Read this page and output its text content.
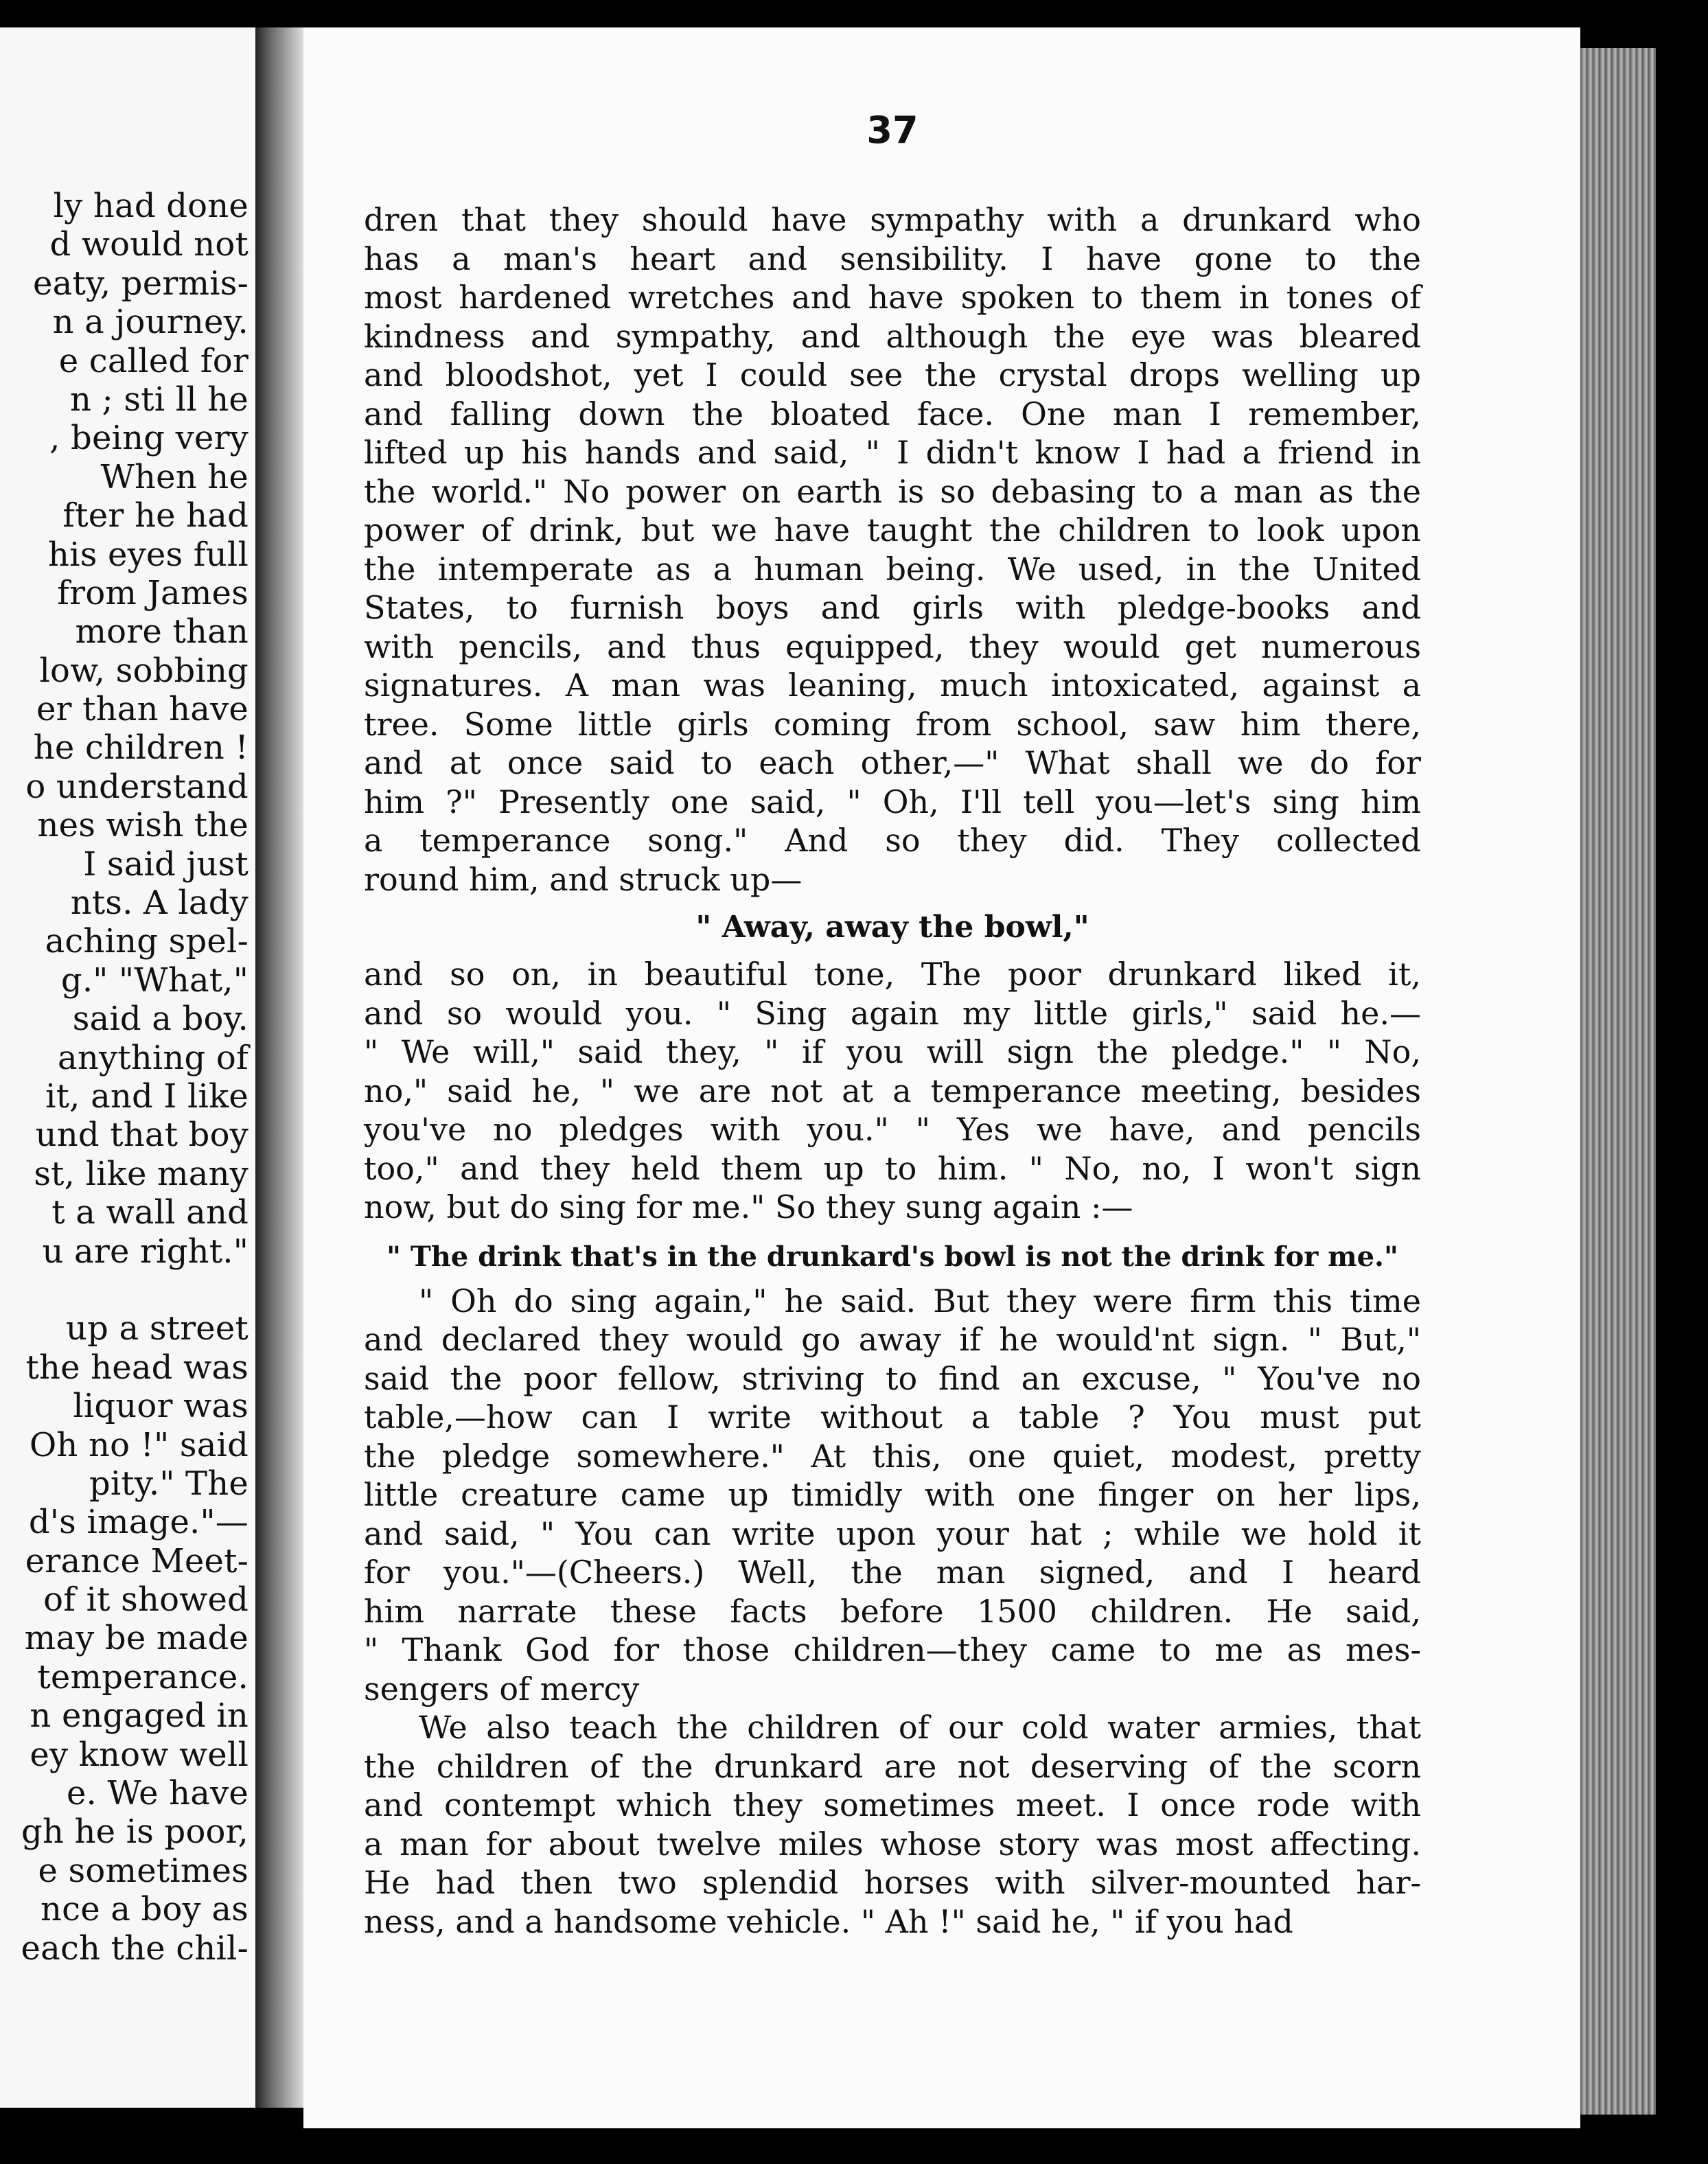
ly had done
d would not
eaty, permis-
n a journey.
e called for
n ; sti ll he
, being very
When he
fter he had
his eyes full
from James
more than
low, sobbing
er than have
he children !
o understand
nes wish the
I said just
nts. A lady
aching spel-
g." "What,"
said a boy.
anything of
it, and I like
und that boy
st, like many
t a wall and
u are right."
up a street
the head was
liquor was
Oh no !" said
pity." The
d's image."—
erance Meet-
of it showed
may be made
temperance.
n engaged in
ey know well
e. We have
gh he is poor,
e sometimes
nce a boy as
each the chil-
37
dren that they should have sympathy with a drunkard who
has a man's heart and sensibility. I have gone to the
most hardened wretches and have spoken to them in tones of
kindness and sympathy, and although the eye was bleared
and bloodshot, yet I could see the crystal drops welling up
and falling down the bloated face. One man I remember,
lifted up his hands and said, " I didn't know I had a friend in
the world." No power on earth is so debasing to a man as the
power of drink, but we have taught the children to look upon
the intemperate as a human being. We used, in the United
States, to furnish boys and girls with pledge-books and
with pencils, and thus equipped, they would get numerous
signatures. A man was leaning, much intoxicated, against a
tree. Some little girls coming from school, saw him there,
and at once said to each other,—" What shall we do for
him ?" Presently one said, " Oh, I'll tell you—let's sing him
a temperance song." And so they did. They collected
round him, and struck up—
" Away, away the bowl,"
and so on, in beautiful tone, The poor drunkard liked it,
and so would you. " Sing again my little girls," said he.—
" We will," said they, " if you will sign the pledge." " No,
no," said he, " we are not at a temperance meeting, besides
you've no pledges with you." " Yes we have, and pencils
too," and they held them up to him. " No, no, I won't sign
now, but do sing for me." So they sung again :—
" The drink that's in the drunkard's bowl is not the drink for me."
" Oh do sing again," he said. But they were firm this time
and declared they would go away if he would'nt sign. " But,"
said the poor fellow, striving to find an excuse, " You've no
table,—how can I write without a table ? You must put
the pledge somewhere." At this, one quiet, modest, pretty
little creature came up timidly with one finger on her lips,
and said, " You can write upon your hat ; while we hold it
for you."—(Cheers.) Well, the man signed, and I heard
him narrate these facts before 1500 children. He said,
" Thank God for those children—they came to me as mes-
sengers of mercy
We also teach the children of our cold water armies, that
the children of the drunkard are not deserving of the scorn
and contempt which they sometimes meet. I once rode with
a man for about twelve miles whose story was most affecting.
He had then two splendid horses with silver-mounted har-
ness, and a handsome vehicle. " Ah !" said he, " if you had
